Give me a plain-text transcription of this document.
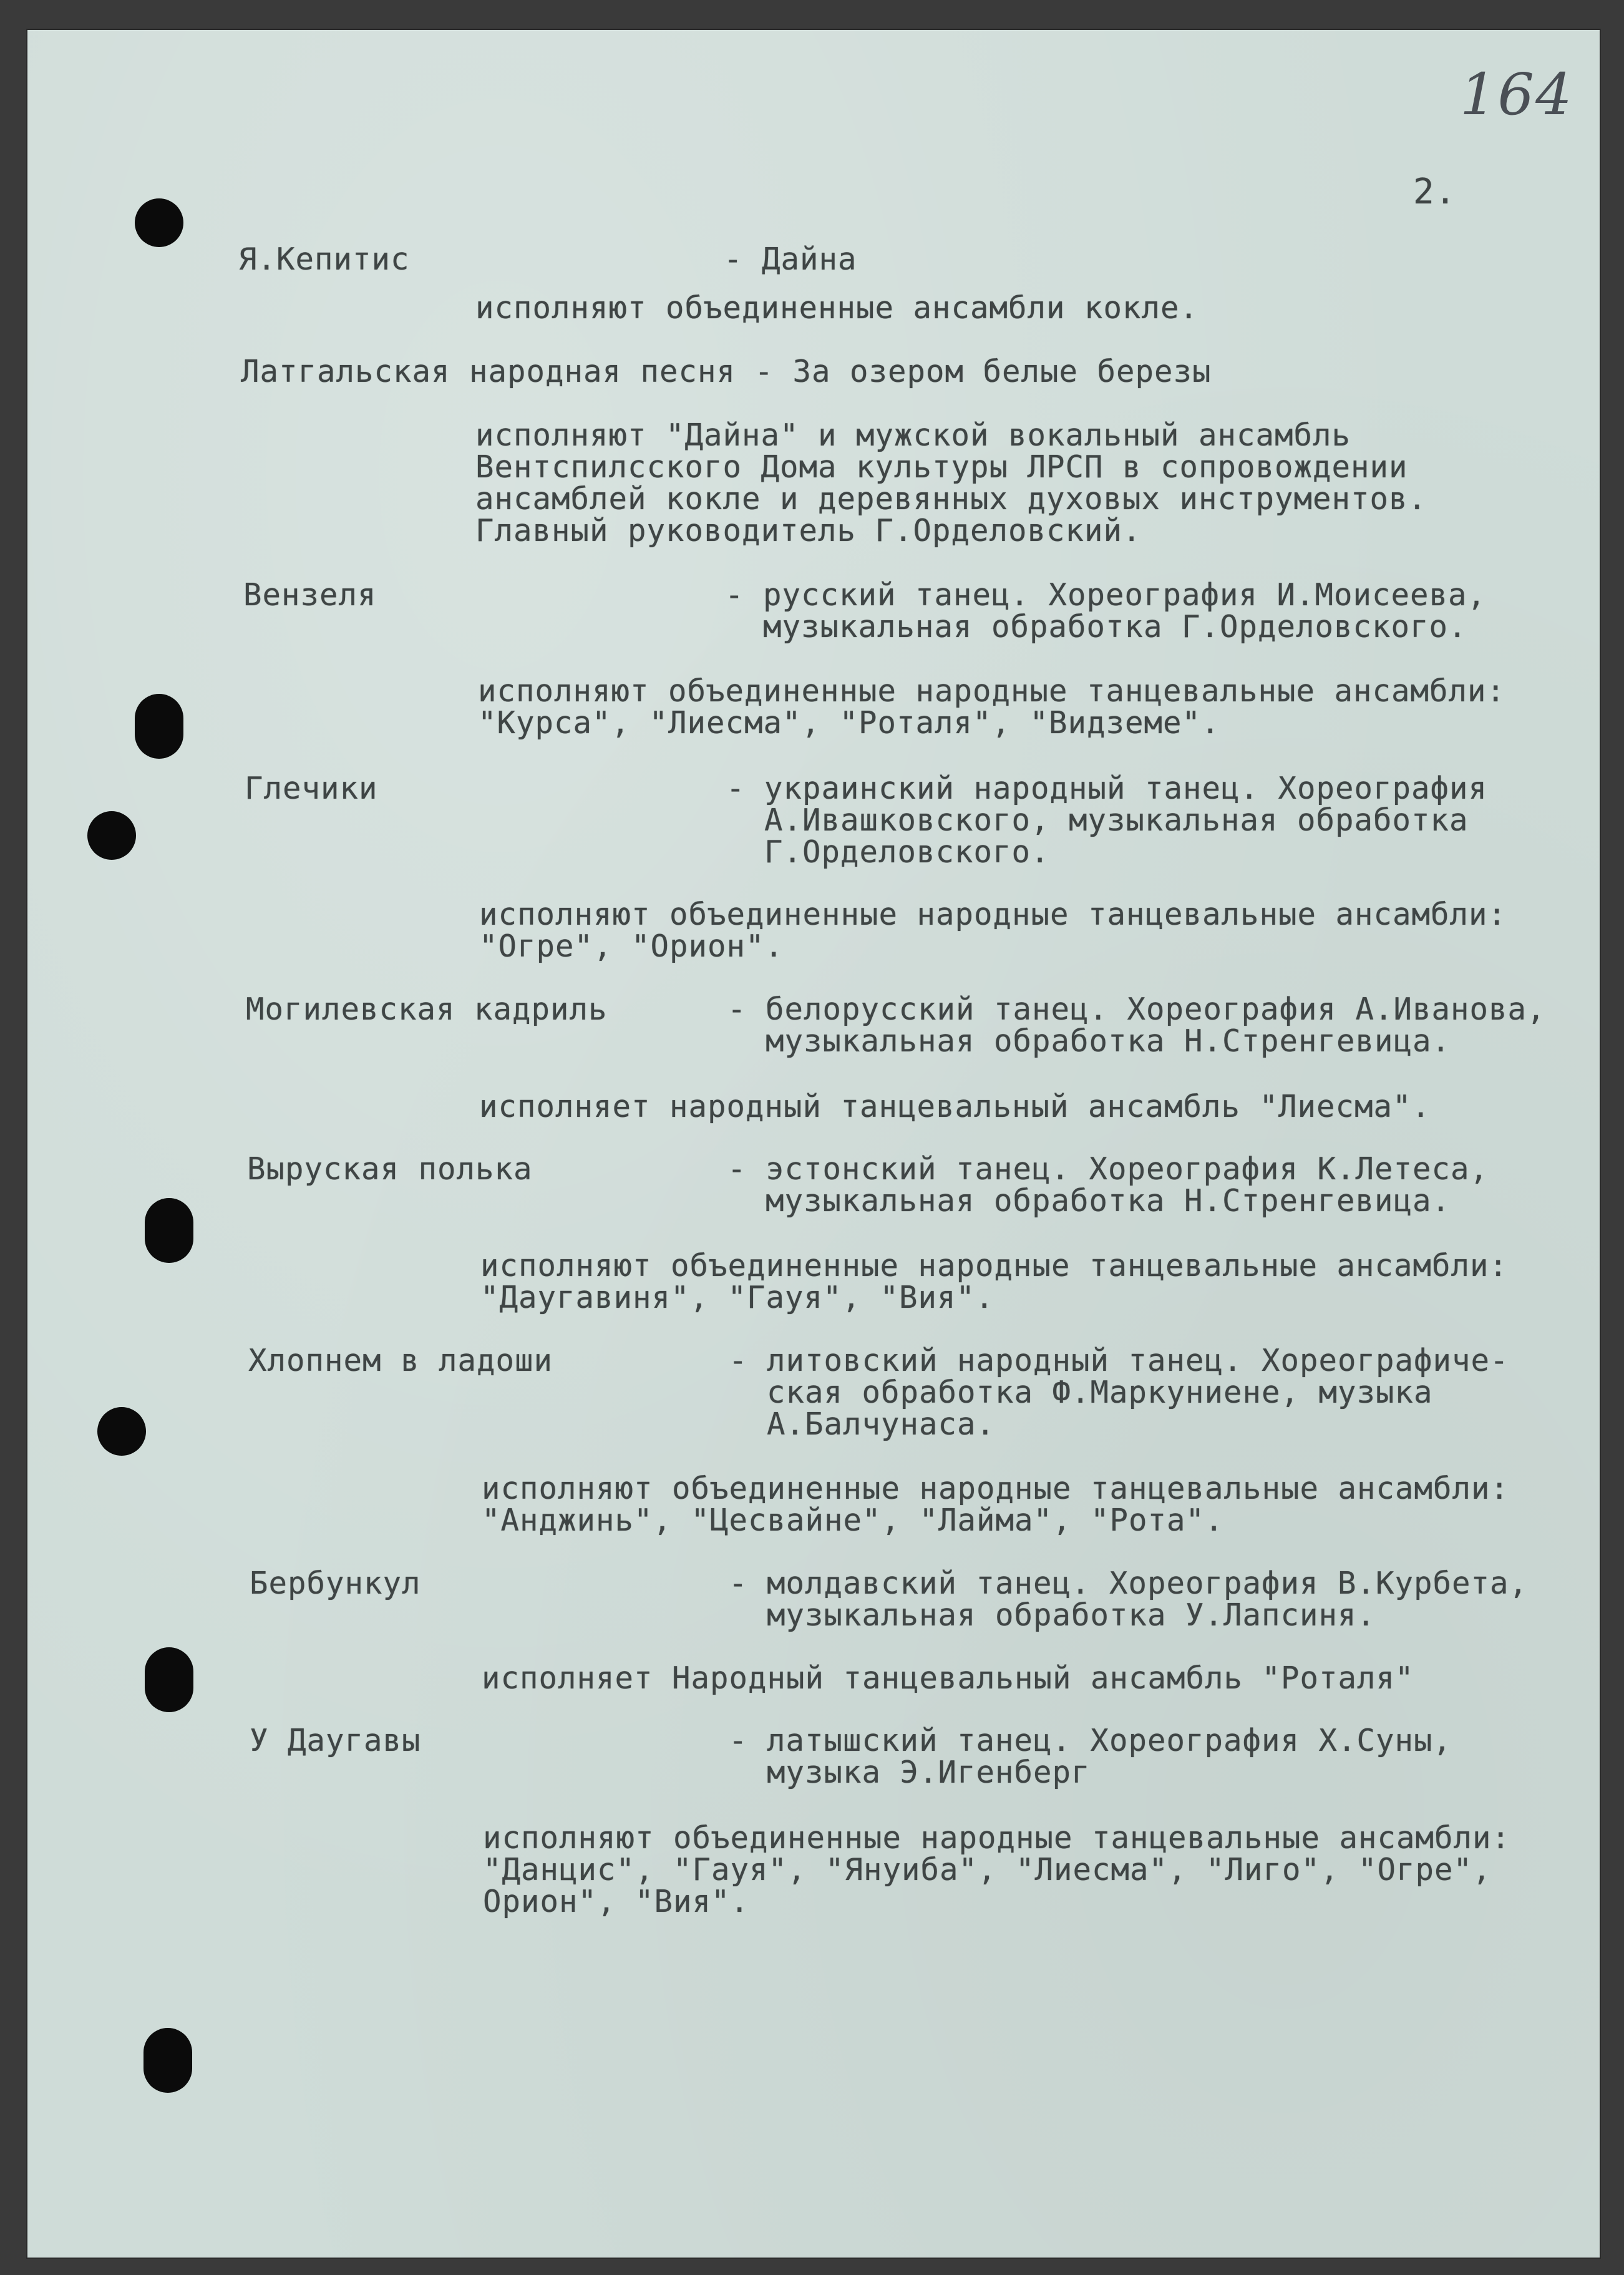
164
2.
Я.Кепитис	- Дайна
исполняют объединенные ансамбли кокле.
Латгальская народная песня - За озером белые березы
исполняют "Дайна" и мужской вокальный ансамбль
Вентспилсского Дома культуры ЛРСП в сопровождении
ансамблей кокле и деревянных духовых инструментов.
Главный руководитель Г.Орделовский.
Вензеля	- русский танец. Хореография И.Моисеева,
музыкальная обработка Г.Орделовского.
исполняют объединенные народные танцевальные ансамбли:
"Курса", "Лиесма", "Роталя", "Видземе".
Глечики	- украинский народный танец. Хореография
А.Ивашковского, музыкальная обработка
Г.Орделовского.
исполняют объединенные народные танцевальные ансамбли:
"Огре", "Орион".
Могилевская кадриль	- белорусский танец. Хореография А.Иванова,
музыкальная обработка Н.Стренгевица.
исполняет народный танцевальный ансамбль "Лиесма".
Выруская полька	- эстонский танец. Хореография К.Летеса,
музыкальная обработка Н.Стренгевица.
исполняют объединенные народные танцевальные ансамбли:
"Даугавиня", "Гауя", "Вия".
Хлопнем в ладоши	- литовский народный танец. Хореографиче-
ская обработка Ф.Маркуниене, музыка
А.Балчунаса.
исполняют объединенные народные танцевальные ансамбли:
"Анджинь", "Цесвайне", "Лайма", "Рота".
Бербункул	- молдавский танец. Хореография В.Курбета,
музыкальная обработка У.Лапсиня.
исполняет Народный танцевальный ансамбль "Роталя"
У Даугавы	- латышский танец. Хореография Х.Суны,
музыка Э.Игенберг
исполняют объединенные народные танцевальные ансамбли:
"Данцис", "Гауя", "Януиба", "Лиесма", "Лиго", "Огре",
Орион", "Вия".
